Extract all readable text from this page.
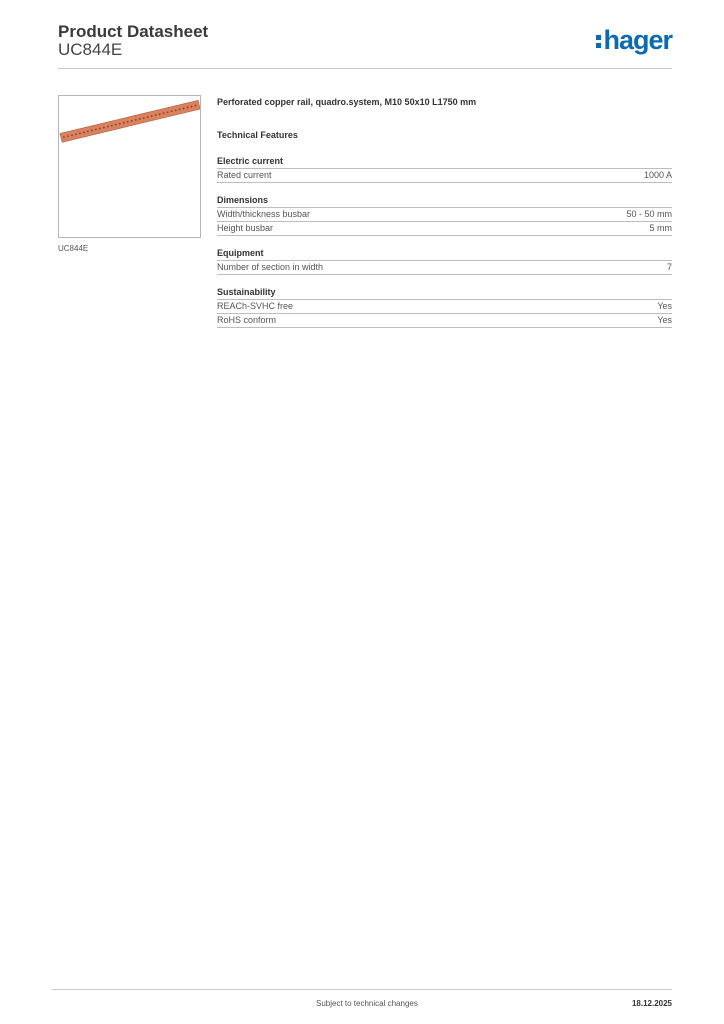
Product Datasheet
UC844E	hager
UC844E
Perforated copper rail, quadro.system, M10 50x10 L1750 mm
Technical Features
Electric current
Rated current	1000 A
Dimensions
Width/thickness busbar	50 - 50 mm
Height busbar	5 mm
Equipment
Number of section in width	7
Sustainability
REACh-SVHC free	Yes
RoHS conform	Yes
Subject to technical changes	18.12.2025
